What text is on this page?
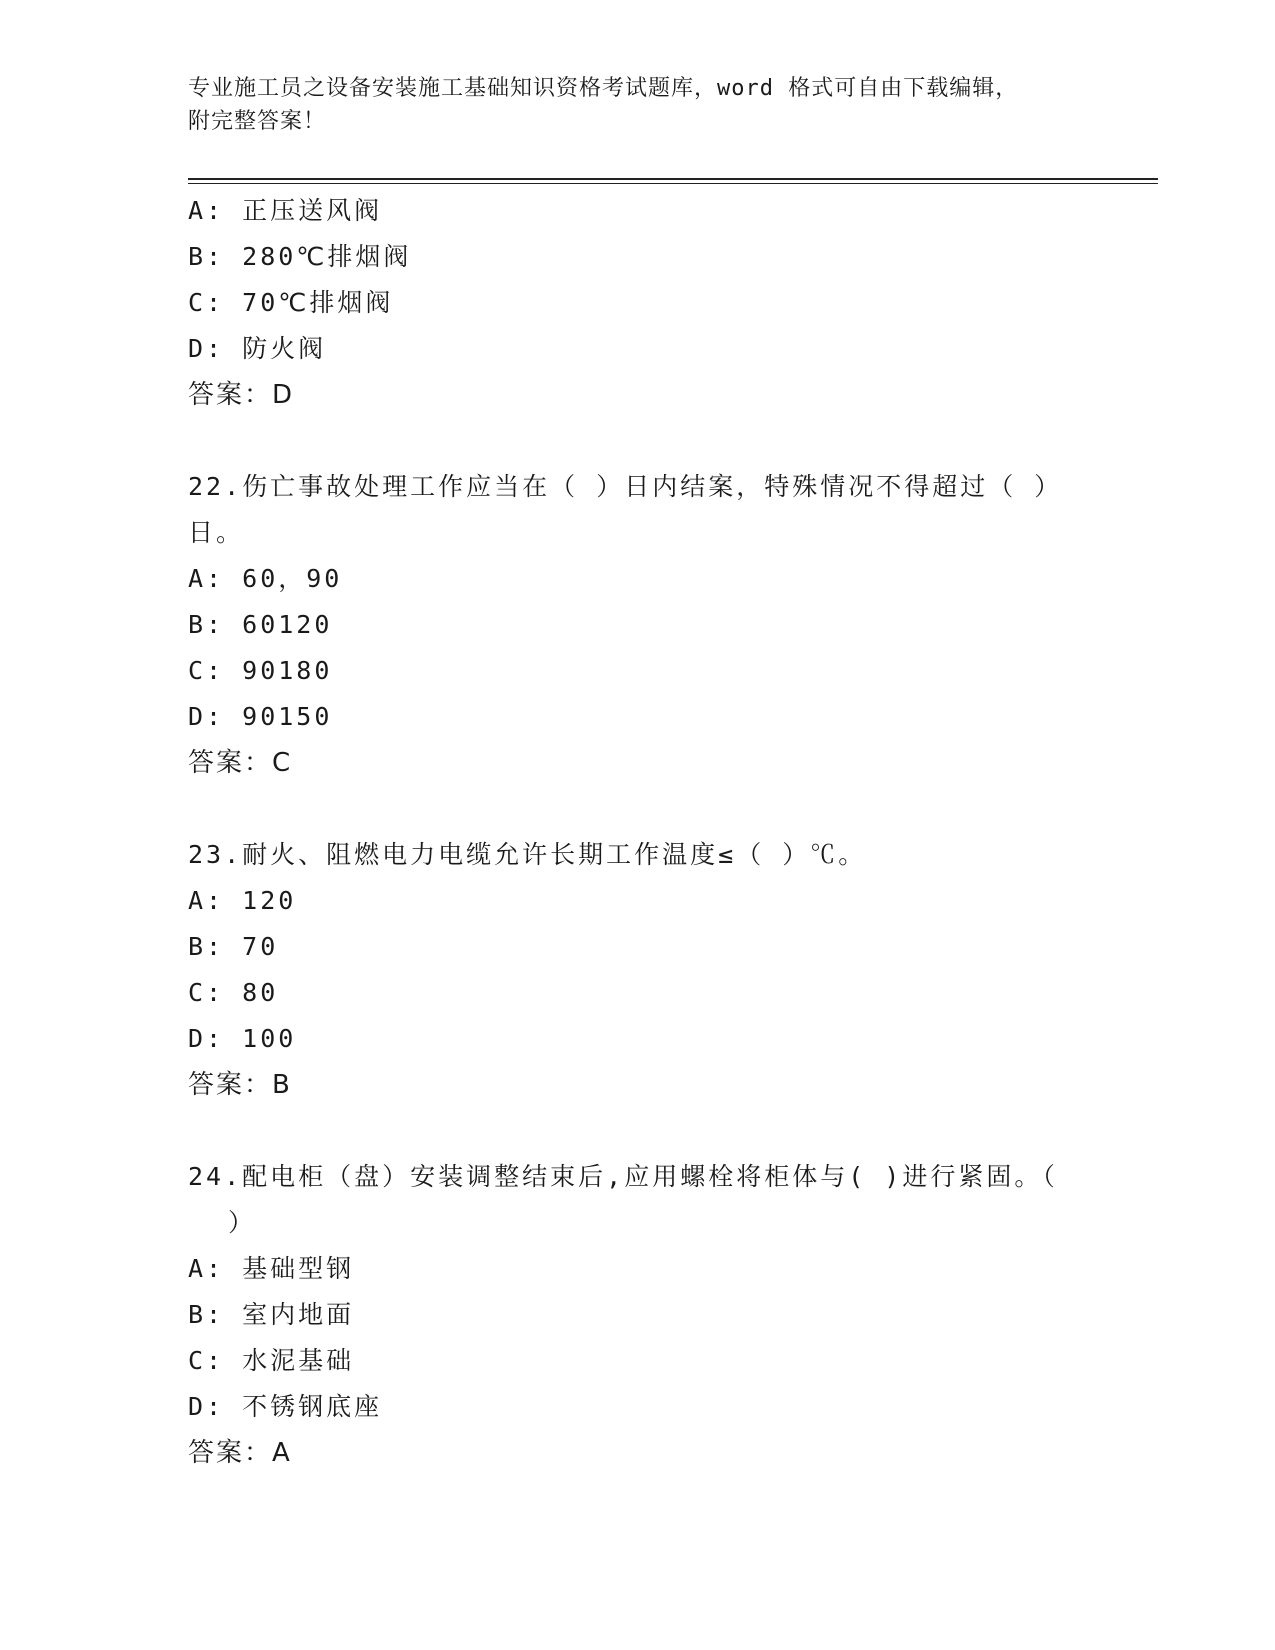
专业施工员之设备安装施工基础知识资格考试题库，word 格式可自由下载编辑，
附完整答案！
A: 正压送风阀
B: 280℃排烟阀
C: 70℃排烟阀
D: 防火阀
答案：D
22.伤亡事故处理工作应当在（ ）日内结案，特殊情况不得超过（ ）
日。
A: 60，90
B: 60120
C: 90180
D: 90150
答案：C
23.耐火、阻燃电力电缆允许长期工作温度≤（ ）℃。
A: 120
B: 70
C: 80
D: 100
答案：B
24.配电柜（盘）安装调整结束后,应用螺栓将柜体与( )进行紧固。（
）
A: 基础型钢
B: 室内地面
C: 水泥基础
D: 不锈钢底座
答案：A
